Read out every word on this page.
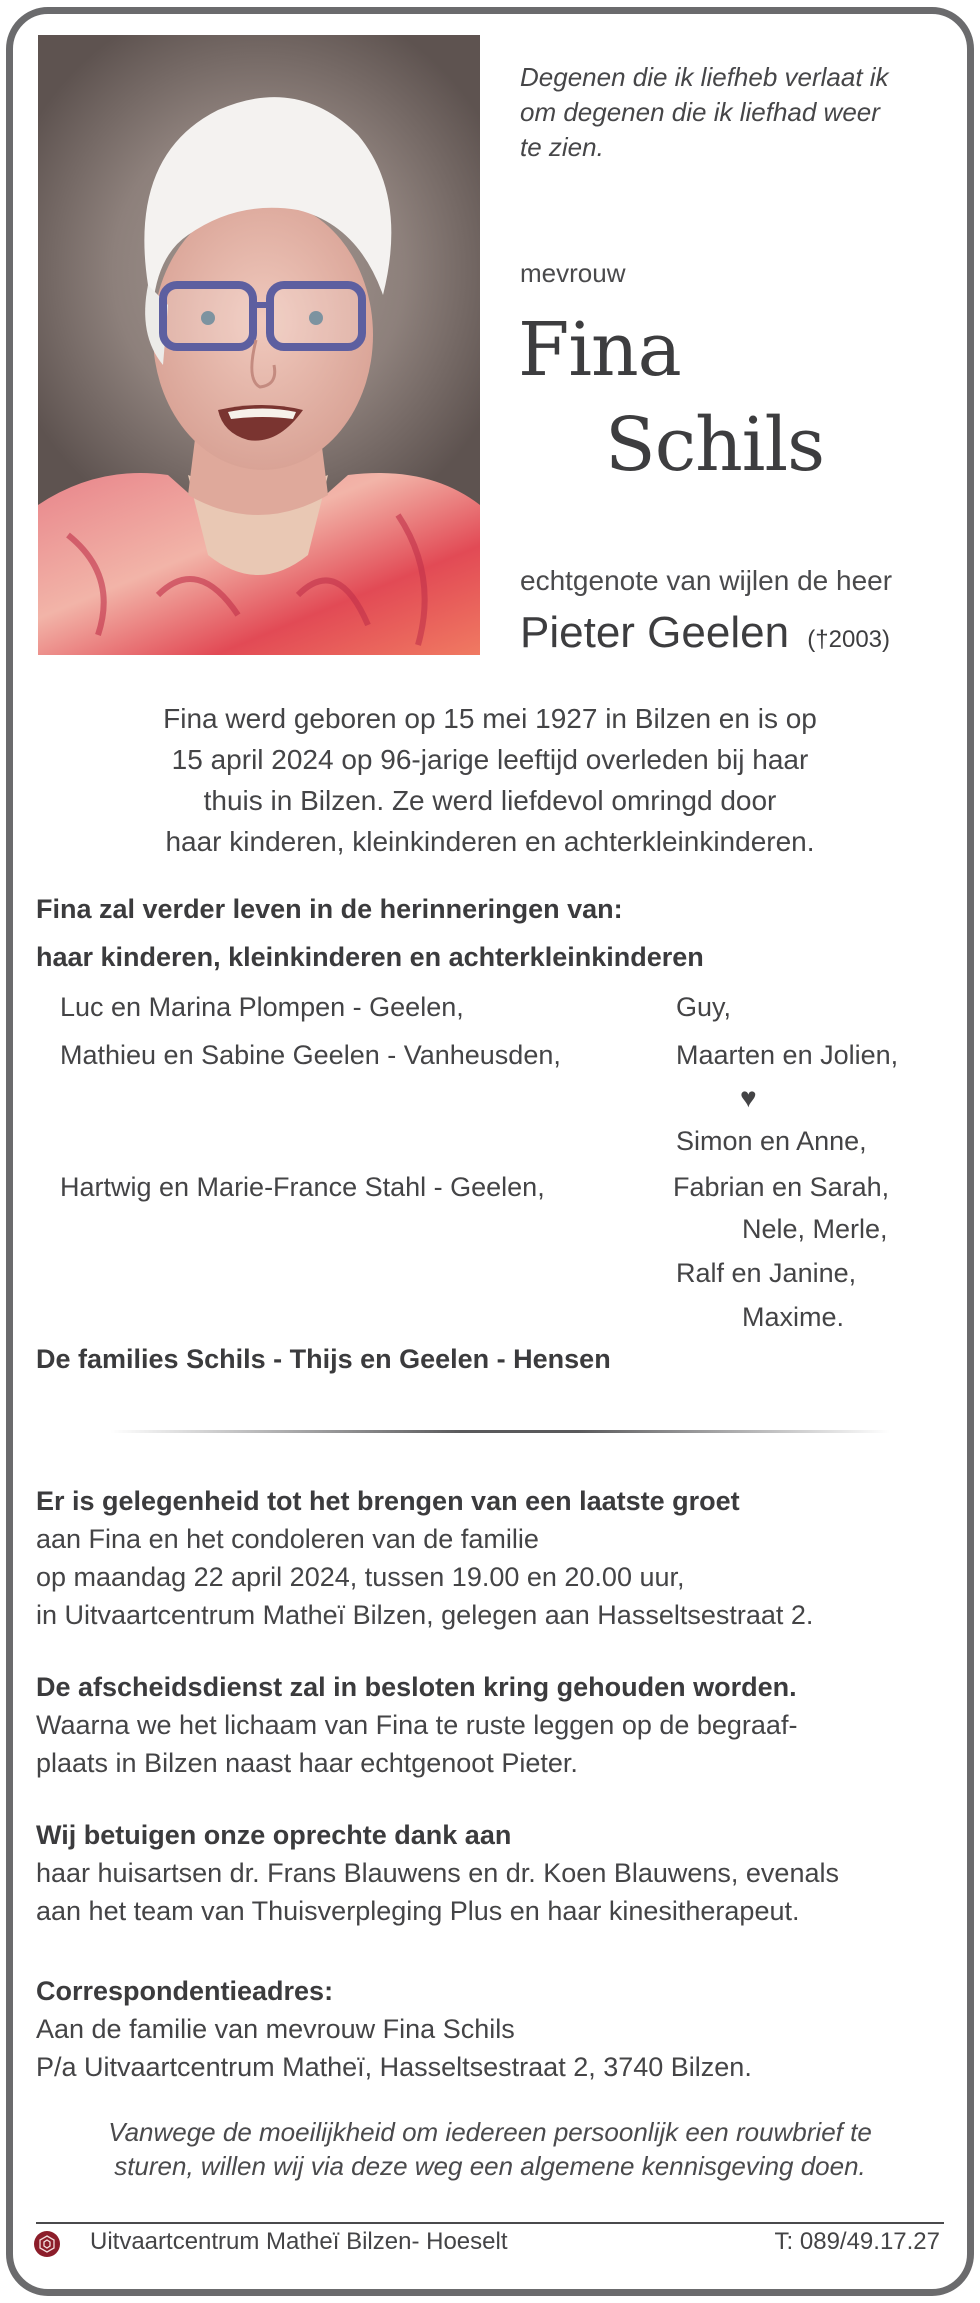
Degenen die ik liefheb verlaat ik
om degenen die ik liefhad weer
te zien.
mevrouw
Fina
Schils
echtgenote van wijlen de heer
Pieter Geelen (†2003)
Fina werd geboren op 15 mei 1927 in Bilzen en is op
15 april 2024 op 96-jarige leeftijd overleden bij haar
thuis in Bilzen. Ze werd liefdevol omringd door
haar kinderen, kleinkinderen en achterkleinkinderen.
Fina zal verder leven in de herinneringen van:
haar kinderen, kleinkinderen en achterkleinkinderen
Luc en Marina Plompen - Geelen,
Mathieu en Sabine Geelen - Vanheusden,
Hartwig en Marie-France Stahl - Geelen,
Guy,
Maarten en Jolien,
♥
Simon en Anne,
Fabrian en Sarah,
Nele, Merle,
Ralf en Janine,
Maxime.
De families Schils - Thijs en Geelen - Hensen
Er is gelegenheid tot het brengen van een laatste groet
aan Fina en het condoleren van de familie
op maandag 22 april 2024, tussen 19.00 en 20.00 uur,
in Uitvaartcentrum Matheï Bilzen, gelegen aan Hasseltsestraat 2.
De afscheidsdienst zal in besloten kring gehouden worden.
Waarna we het lichaam van Fina te ruste leggen op de begraaf-
plaats in Bilzen naast haar echtgenoot Pieter.
Wij betuigen onze oprechte dank aan
haar huisartsen dr. Frans Blauwens en dr. Koen Blauwens, evenals
aan het team van Thuisverpleging Plus en haar kinesitherapeut.
Correspondentieadres:
Aan de familie van mevrouw Fina Schils
P/a Uitvaartcentrum Matheï, Hasseltsestraat 2, 3740 Bilzen.
Vanwege de moeilijkheid om iedereen persoonlijk een rouwbrief te
sturen, willen wij via deze weg een algemene kennisgeving doen.
Uitvaartcentrum Matheï Bilzen- Hoeselt	T: 089/49.17.27
